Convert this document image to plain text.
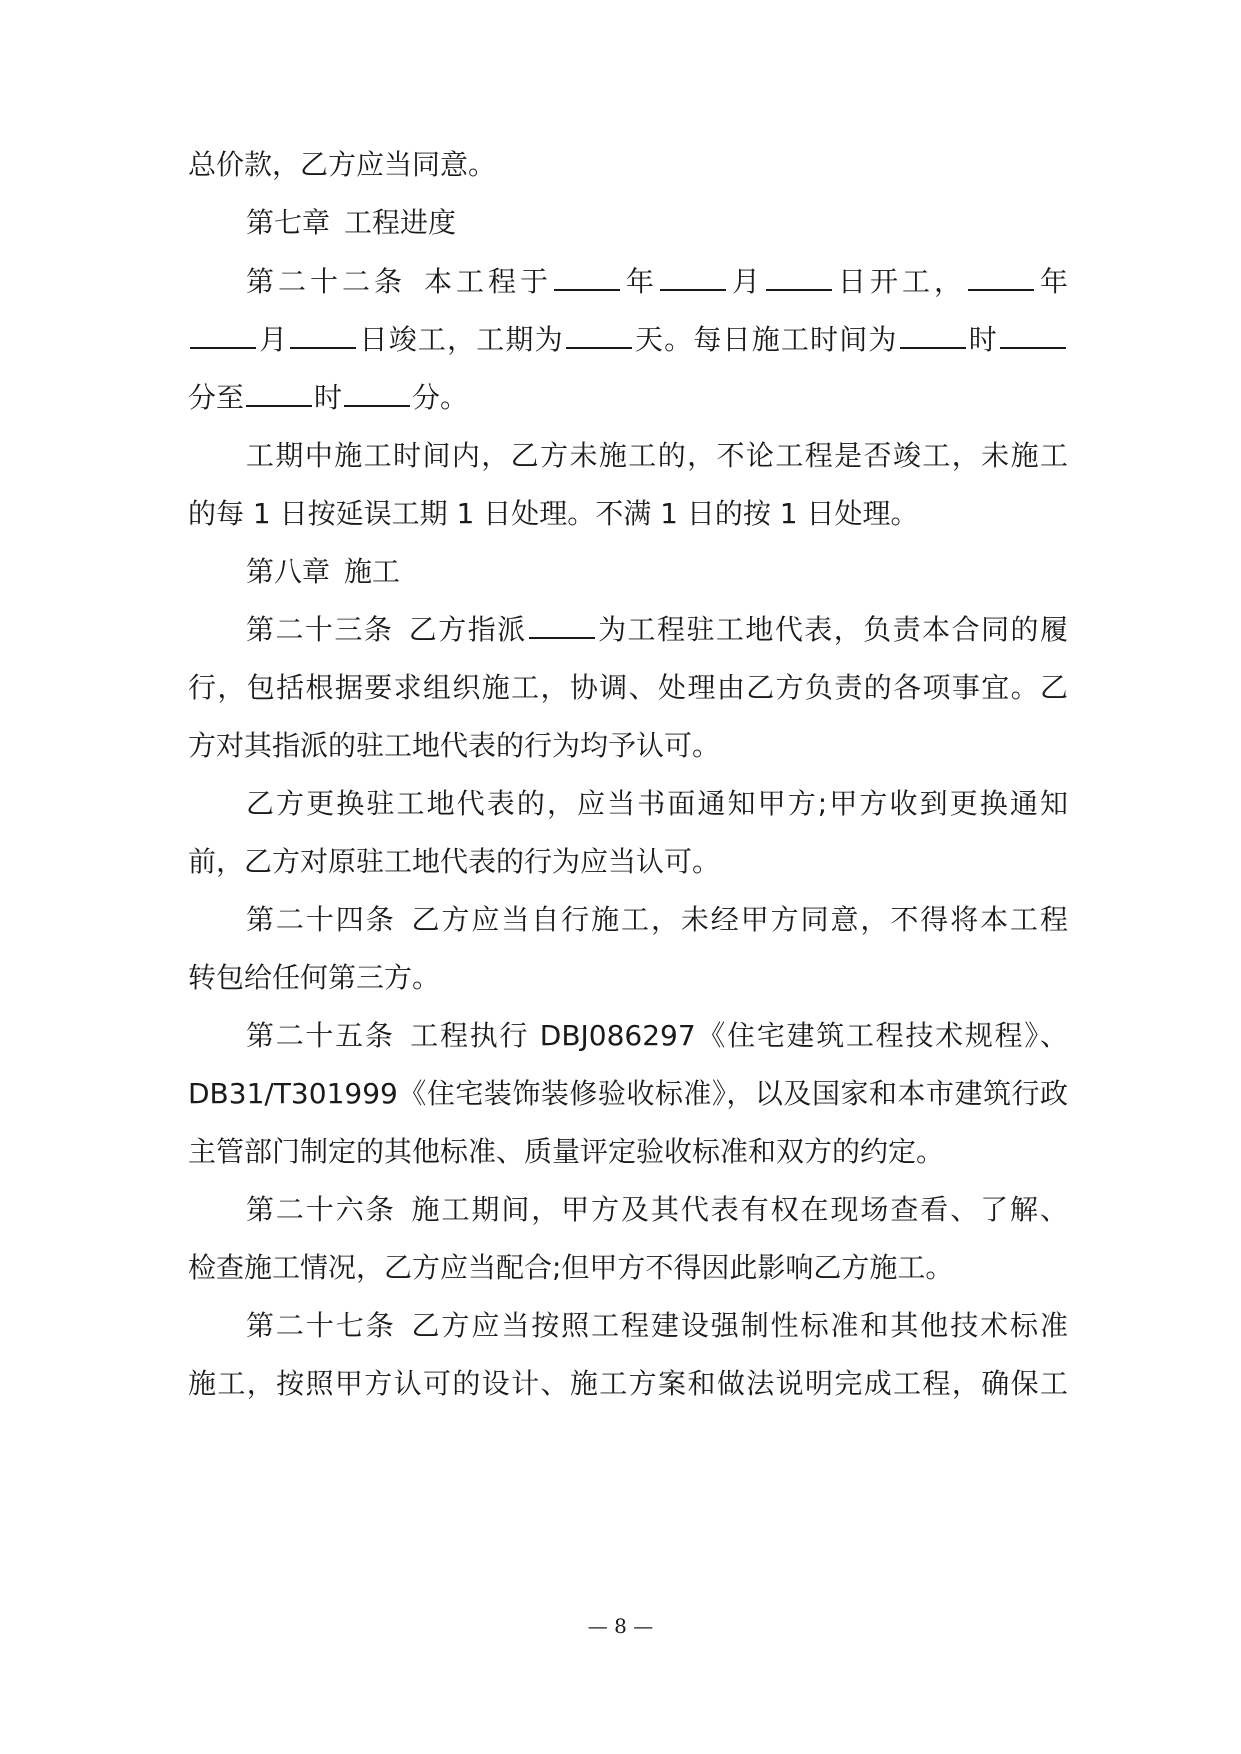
总价款，乙方应当同意。
第七章 工程进度
第二十二条 本工程于	年	月	日开工，	年
月	日竣工，工期为	天。每日施工时间为	时
分至	时	分。
工期中施工时间内，乙方未施工的，不论工程是否竣工，未施工
的每 1 日按延误工期 1 日处理。不满 1 日的按 1 日处理。
第八章 施工
第二十三条 乙方指派	为工程驻工地代表，负责本合同的履
行，包括根据要求组织施工，协调、处理由乙方负责的各项事宜。乙
方对其指派的驻工地代表的行为均予认可。
乙方更换驻工地代表的，应当书面通知甲方;甲方收到更换通知
前，乙方对原驻工地代表的行为应当认可。
第二十四条 乙方应当自行施工，未经甲方同意，不得将本工程
转包给任何第三方。
第二十五条 工程执行 DBJ086297《住宅建筑工程技术规程》、
DB31/T301999《住宅装饰装修验收标准》，以及国家和本市建筑行政
主管部门制定的其他标准、质量评定验收标准和双方的约定。
第二十六条 施工期间，甲方及其代表有权在现场查看、了解、
检查施工情况，乙方应当配合;但甲方不得因此影响乙方施工。
第二十七条 乙方应当按照工程建设强制性标准和其他技术标准
施工，按照甲方认可的设计、施工方案和做法说明完成工程，确保工
— 8 —
